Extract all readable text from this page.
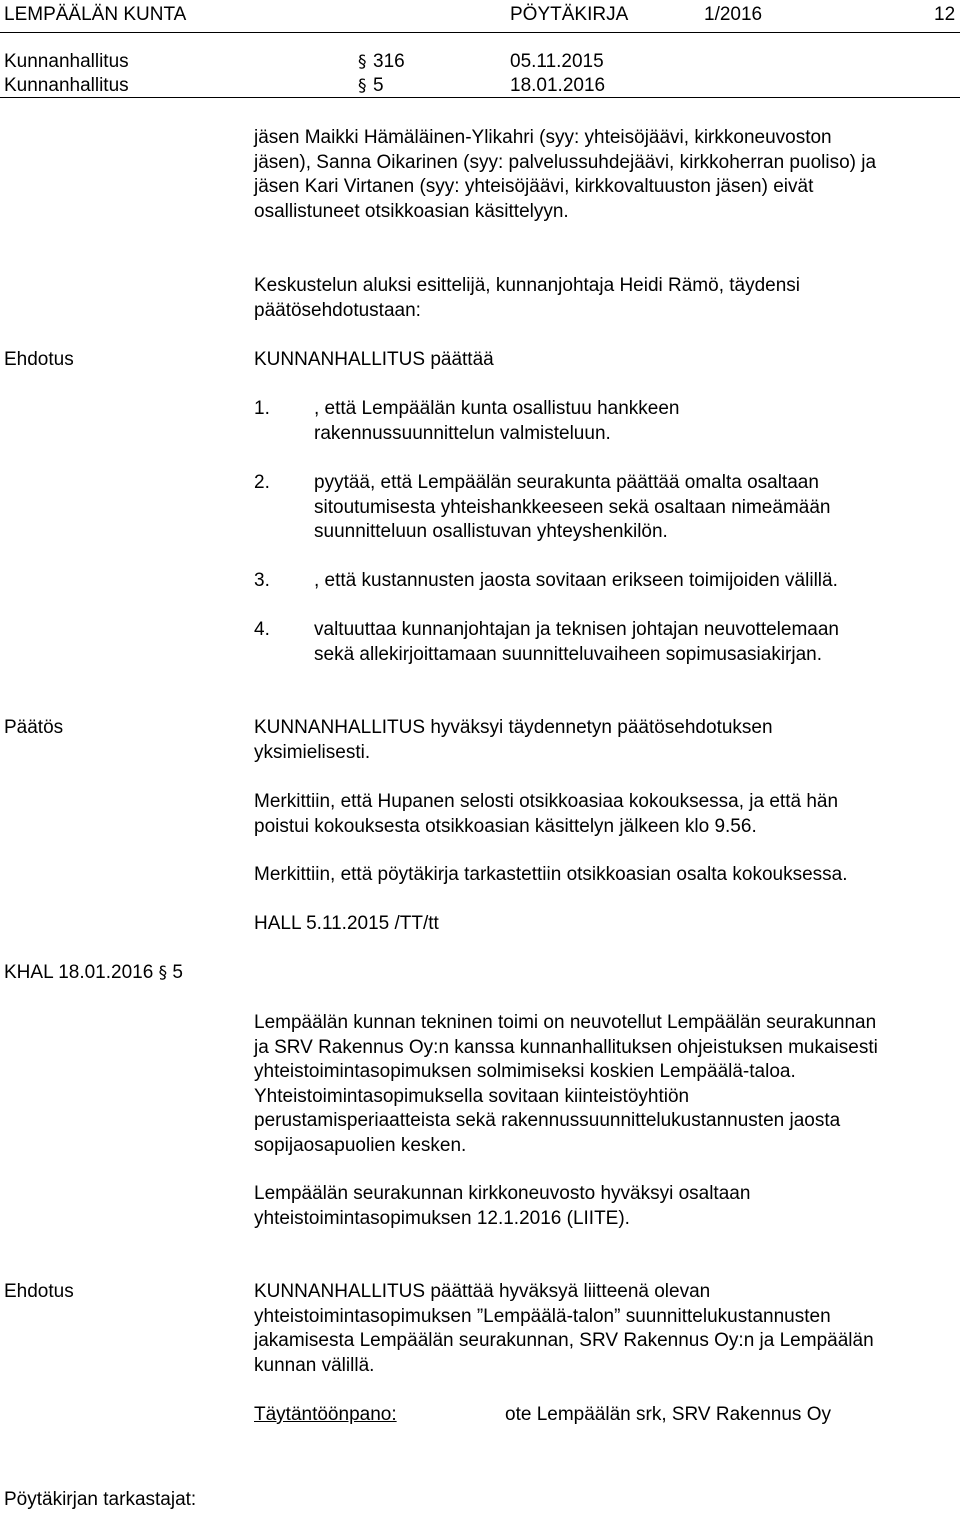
LEMPÄÄLÄN KUNTA	PÖYTÄKIRJA	1/2016	12
Kunnanhallitus	§ 316	05.11.2015
Kunnanhallitus	§ 5	18.01.2016

jäsen Maikki Hämäläinen-Ylikahri (syy: yhteisöjäävi, kirkkoneuvoston
jäsen), Sanna Oikarinen (syy: palvelussuhdejäävi, kirkkoherran puoliso) ja
jäsen Kari Virtanen (syy: yhteisöjäävi, kirkkovaltuuston jäsen) eivät
osallistuneet otsikkoasian käsittelyyn.

Keskustelun aluksi esittelijä, kunnanjohtaja Heidi Rämö, täydensi
päätösehdotustaan:

Ehdotus	KUNNANHALLITUS päättää

1.	, että Lempäälän kunta osallistuu hankkeen
rakennussuunnittelun valmisteluun.
2.	pyytää, että Lempäälän seurakunta päättää omalta osaltaan
sitoutumisesta yhteishankkeeseen sekä osaltaan nimeämään
suunnitteluun osallistuvan yhteyshenkilön.
3.	, että kustannusten jaosta sovitaan erikseen toimijoiden välillä.
4.	valtuuttaa kunnanjohtajan ja teknisen johtajan neuvottelemaan
sekä allekirjoittamaan suunnitteluvaiheen sopimusasiakirjan.
Päätös	KUNNANHALLITUS hyväksyi täydennetyn päätösehdotuksen
yksimielisesti.

Merkittiin, että Hupanen selosti otsikkoasiaa kokouksessa, ja että hän
poistui kokouksesta otsikkoasian käsittelyn jälkeen klo 9.56.

Merkittiin, että pöytäkirja tarkastettiin otsikkoasian osalta kokouksessa.

HALL 5.11.2015 /TT/tt

KHAL 18.01.2016 § 5

Lempäälän kunnan tekninen toimi on neuvotellut Lempäälän seurakunnan
ja SRV Rakennus Oy:n kanssa kunnanhallituksen ohjeistuksen mukaisesti
yhteistoimintasopimuksen solmimiseksi koskien Lempäälä-taloa.
Yhteistoimintasopimuksella sovitaan kiinteistöyhtiön
perustamisperiaatteista sekä rakennussuunnittelukustannusten jaosta
sopijaosapuolien kesken.

Lempäälän seurakunnan kirkkoneuvosto hyväksyi osaltaan
yhteistoimintasopimuksen 12.1.2016 (LIITE).

Ehdotus	KUNNANHALLITUS päättää hyväksyä liitteenä olevan
yhteistoimintasopimuksen ”Lempäälä-talon” suunnittelukustannusten
jakamisesta Lempäälän seurakunnan, SRV Rakennus Oy:n ja Lempäälän
kunnan välillä.

Täytäntöönpano:	ote Lempäälän srk, SRV Rakennus Oy
Pöytäkirjan tarkastajat:
